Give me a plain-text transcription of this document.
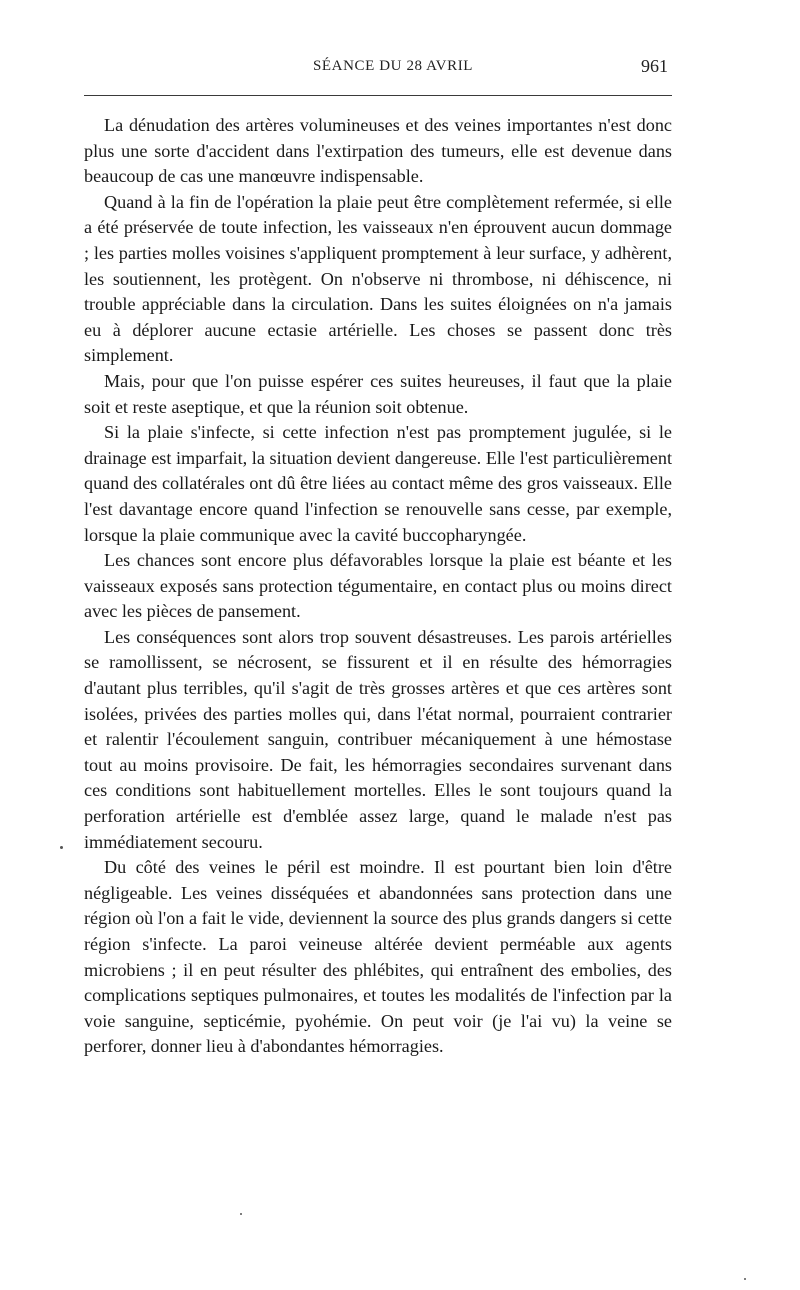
SÉANCE DU 28 AVRIL	961

La dénudation des artères volumineuses et des veines importantes n'est donc plus une sorte d'accident dans l'extirpation des tumeurs, elle est devenue dans beaucoup de cas une manœuvre indispensable.

Quand à la fin de l'opération la plaie peut être complètement refermée, si elle a été préservée de toute infection, les vaisseaux n'en éprouvent aucun dommage ; les parties molles voisines s'appliquent promptement à leur surface, y adhèrent, les soutiennent, les protègent. On n'observe ni thrombose, ni déhiscence, ni trouble appréciable dans la circulation. Dans les suites éloignées on n'a jamais eu à déplorer aucune ectasie artérielle. Les choses se passent donc très simplement.

Mais, pour que l'on puisse espérer ces suites heureuses, il faut que la plaie soit et reste aseptique, et que la réunion soit obtenue.

Si la plaie s'infecte, si cette infection n'est pas promptement jugulée, si le drainage est imparfait, la situation devient dangereuse. Elle l'est particulièrement quand des collatérales ont dû être liées au contact même des gros vaisseaux. Elle l'est davantage encore quand l'infection se renouvelle sans cesse, par exemple, lorsque la plaie communique avec la cavité buccopharyngée.

Les chances sont encore plus défavorables lorsque la plaie est béante et les vaisseaux exposés sans protection tégumentaire, en contact plus ou moins direct avec les pièces de pansement.

Les conséquences sont alors trop souvent désastreuses. Les parois artérielles se ramollissent, se nécrosent, se fissurent et il en résulte des hémorragies d'autant plus terribles, qu'il s'agit de très grosses artères et que ces artères sont isolées, privées des parties molles qui, dans l'état normal, pourraient contrarier et ralentir l'écoulement sanguin, contribuer mécaniquement à une hémostase tout au moins provisoire. De fait, les hémorragies secondaires survenant dans ces conditions sont habituellement mortelles. Elles le sont toujours quand la perforation artérielle est d'emblée assez large, quand le malade n'est pas immédiatement secouru.

Du côté des veines le péril est moindre. Il est pourtant bien loin d'être négligeable. Les veines disséquées et abandonnées sans protection dans une région où l'on a fait le vide, deviennent la source des plus grands dangers si cette région s'infecte. La paroi veineuse altérée devient perméable aux agents microbiens ; il en peut résulter des phlébites, qui entraînent des embolies, des complications septiques pulmonaires, et toutes les modalités de l'infection par la voie sanguine, septicémie, pyohémie. On peut voir (je l'ai vu) la veine se perforer, donner lieu à d'abondantes hémorragies.
